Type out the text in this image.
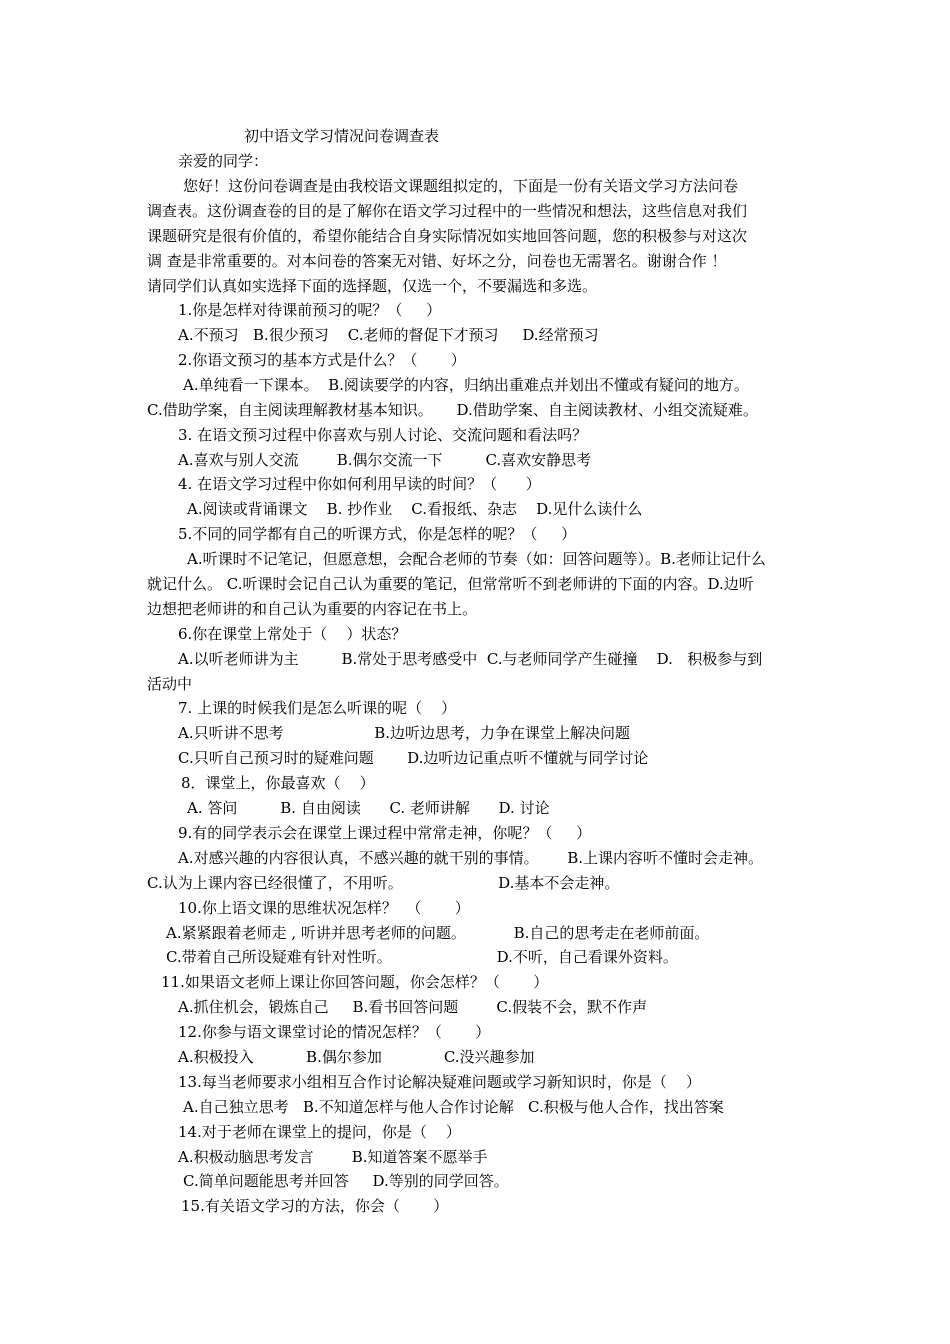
初中语文学习情况问卷调查表
亲爱的同学：
您好！这份问卷调查是由我校语文课题组拟定的，下面是一份有关语文学习方法问卷
调查表。这份调查卷的目的是了解你在语文学习过程中的一些情况和想法，这些信息对我们
课题研究是很有价值的，希望你能结合自身实际情况如实地回答问题，您的积极参与对这次
调 查是非常重要的。对本问卷的答案无对错、好坏之分，问卷也无需署名。谢谢合作 ！
请同学们认真如实选择下面的选择题，仅选一个，不要漏选和多选。
1.你是怎样对待课前预习的呢？（     ）
A.不预习   B.很少预习    C.老师的督促下才预习     D.经常预习
2.你语文预习的基本方式是什么？（       ）
A.单纯看一下课本。  B.阅读要学的内容，归纳出重难点并划出不懂或有疑问的地方。
C.借助学案，自主阅读理解教材基本知识。     D.借助学案、自主阅读教材、小组交流疑难。
3. 在语文预习过程中你喜欢与别人讨论、交流问题和看法吗？
A.喜欢与别人交流        B.偶尔交流一下         C.喜欢安静思考
4. 在语文学习过程中你如何利用早读的时间？（      ）
A.阅读或背诵课文    B. 抄作业    C.看报纸、杂志    D.见什么读什么
5.不同的同学都有自己的听课方式，你是怎样的呢？（     ）
A.听课时不记笔记，但愿意想，会配合老师的节奏（如：回答问题等）。B.老师让记什么
就记什么。 C.听课时会记自己认为重要的笔记，但常常听不到老师讲的下面的内容。D.边听
边想把老师讲的和自己认为重要的内容记在书上。
6.你在课堂上常处于（    ）状态？
A.以听老师讲为主         B.常处于思考感受中  C.与老师同学产生碰撞    D.   积极参与到
活动中
7. 上课的时候我们是怎么听课的呢（    ）
A.只听讲不思考                   B.边听边思考，力争在课堂上解决问题
C.只听自己预习时的疑难问题       D.边听边记重点听不懂就与同学讨论
8．课堂上，你最喜欢（    ）
A. 答问         B. 自由阅读      C. 老师讲解      D. 讨论
9.有的同学表示会在课堂上课过程中常常走神，你呢？（     ）
A.对感兴趣的内容很认真，不感兴趣的就干别的事情。      B.上课内容听不懂时会走神。
C.认为上课内容已经很懂了，不用听。                    D.基本不会走神。
10.你上语文课的思维状况怎样？  （       ）
A.紧紧跟着老师走 , 听讲并思考老师的问题。          B.自己的思考走在老师前面。
C.带着自己所设疑难有针对性听。                      D.不听，自己看课外资料。
11.如果语文老师上课让你回答问题，你会怎样？（       ）
A.抓住机会，锻炼自己     B.看书回答问题        C.假装不会，默不作声
12.你参与语文课堂讨论的情况怎样？（       ）
A.积极投入           B.偶尔参加             C.没兴趣参加
13.每当老师要求小组相互合作讨论解决疑难问题或学习新知识时，你是（    ）
A.自己独立思考   B.不知道怎样与他人合作讨论解   C.积极与他人合作，找出答案
14.对于老师在课堂上的提问，你是（    ）
A.积极动脑思考发言        B.知道答案不愿举手
C.简单问题能思考并回答     D.等别的同学回答。
15.有关语文学习的方法，你会（       ）
